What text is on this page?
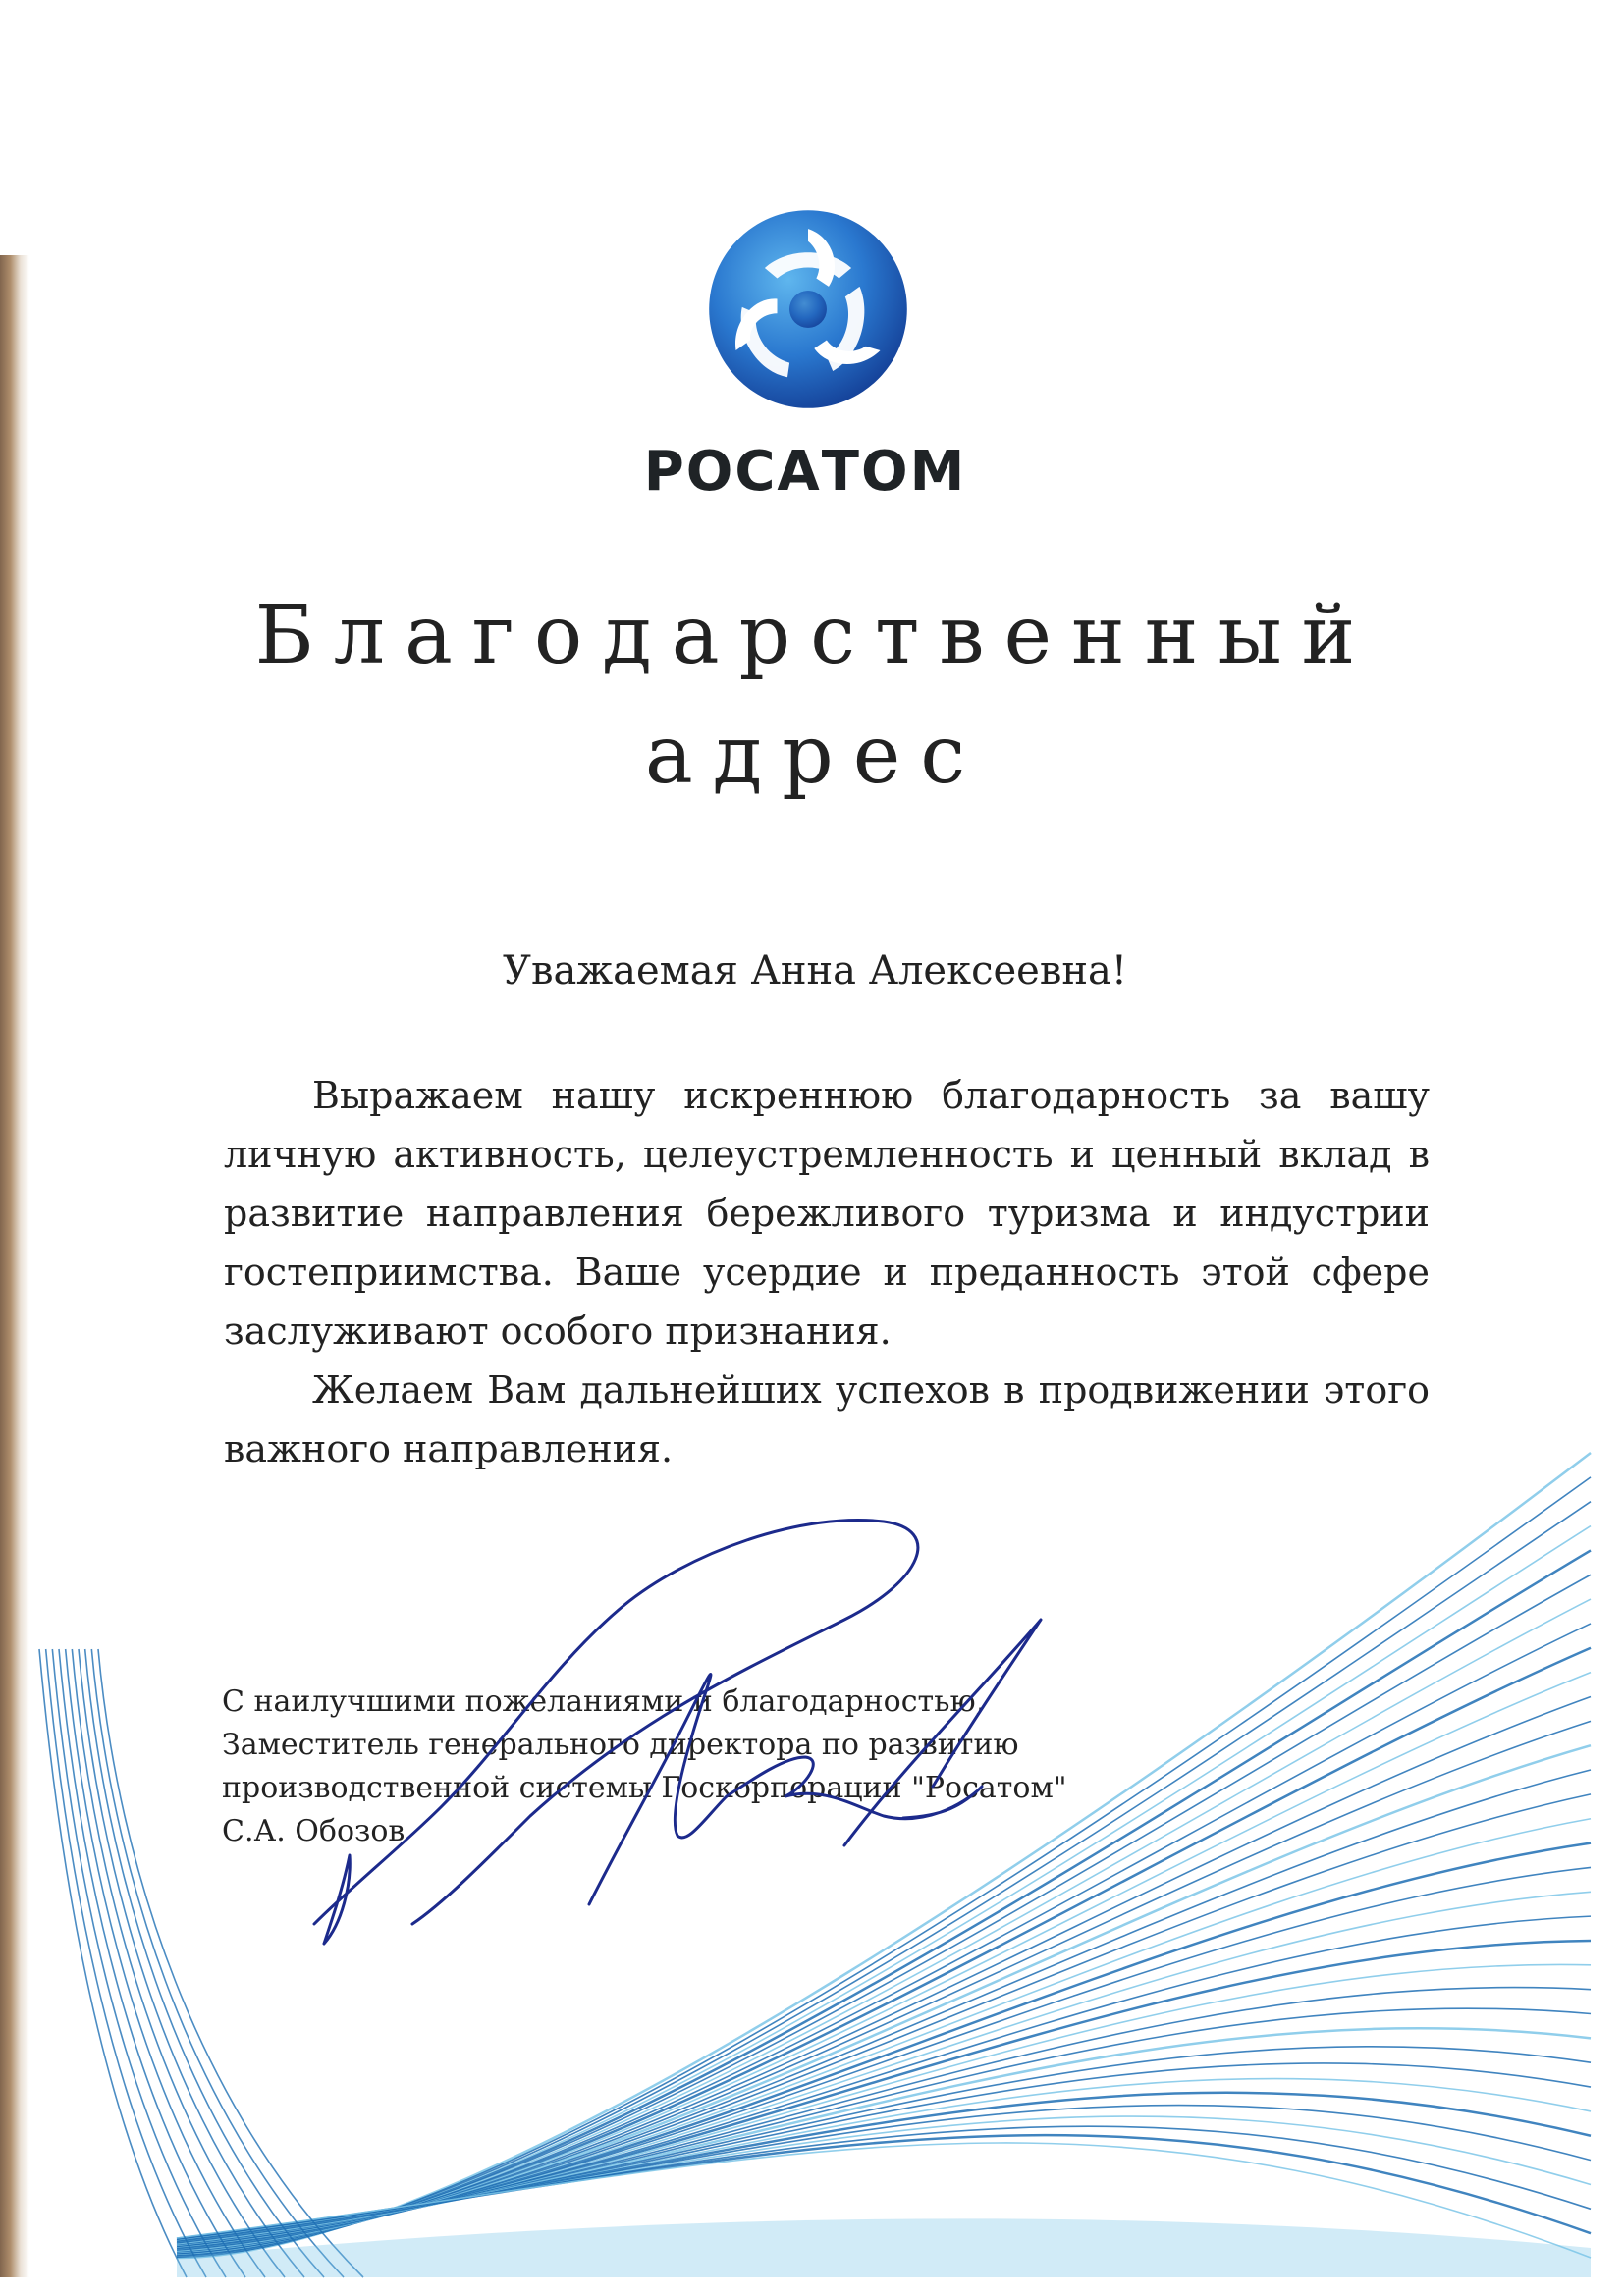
РОСАТОМ
Благодарственный
адрес
Уважаемая Анна Алексеевна!

Выражаем нашу искреннюю благодарность за вашу личную активность, целеустремленность и ценный вклад в развитие направления бережливого туризма и индустрии гостеприимства. Ваше усердие и преданность этой сфере заслуживают особого признания.

Желаем Вам дальнейших успехов в продвижении этого важного направления.

С наилучшими пожеланиями и благодарностью,
Заместитель генерального директора по развитию
производственной системы Госкорпорации "Росатом"
С.А. Обозов
